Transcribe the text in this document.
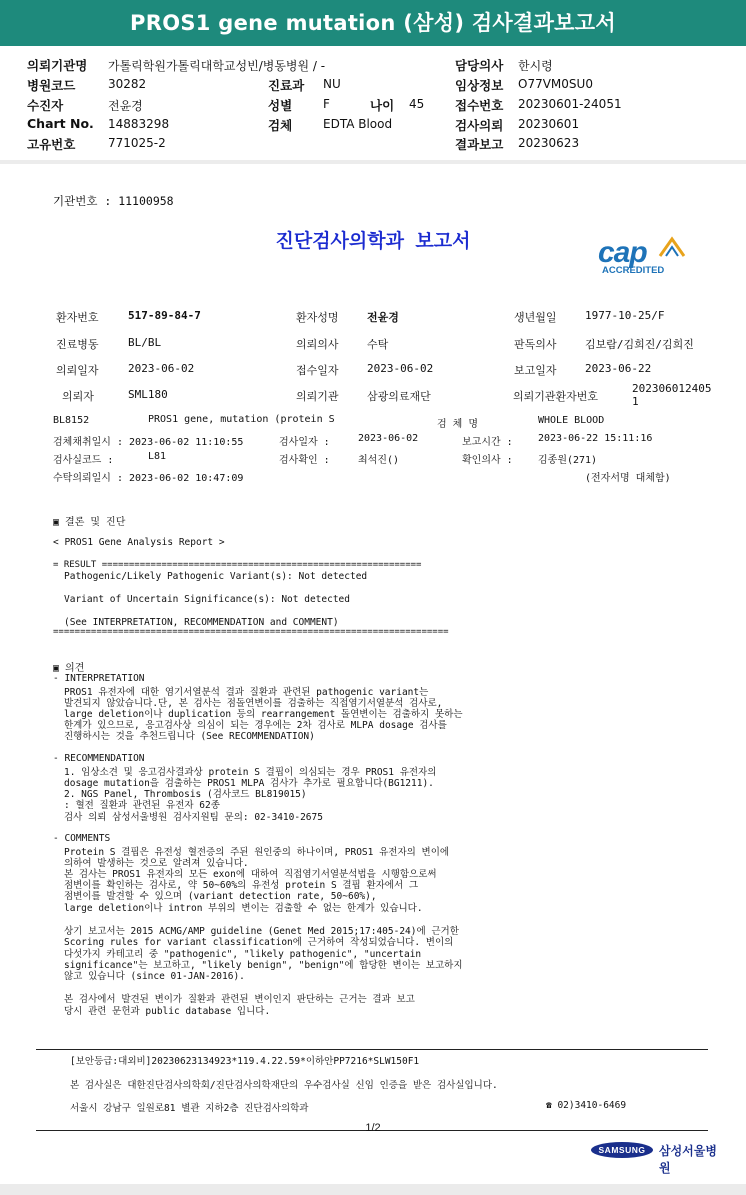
PROS1 gene mutation (삼성) 검사결과보고서
의뢰기관명 가톨릭학원가톨릭대학교성빈/병동병원 / -	담당의사 한시령
병원코드	30282	진료과 NU	임상정보 O77VM0SU0
수진자	전윤경	성별	F	나이 45 접수번호 20230601-24051
Chart No. 14883298	검체	EDTA Blood	검사의뢰 20230601
고유번호	771025-2	결과보고 20230623
기관번호 : 11100958
진단검사의학과 보고서	cap
ACCREDITED
환자번호	517-89-84-7	환자성명	전윤경	생년월일	1977-10-25/F
진료병동	BL/BL	의뢰의사	수탁	판독의사	김보람/김희진/김희진
의뢰일자	2023-06-02	접수일자	2023-06-02	보고일자	2023-06-22
의뢰자	SML180	의뢰기관	삼광의료재단	의뢰기관환자번호
202306012405
1
BL8152	PROS1 gene, mutation (protein S	검 체 명	WHOLE BLOOD
검체채취일시 : 2023-06-02 11:10:55	검사일자 :	2023-06-02	보고시간 :	2023-06-22 15:11:16
검사실코드 :	L81	검사확인 :	최석진()	확인의사 :	김종원(271)
수탁의뢰일시 : 2023-06-02 10:47:09	(전자서명 대체함)
▣ 결론 및 진단
< PROS1 Gene Analysis Report >
= RESULT ===========================================================
Pathogenic/Likely Pathogenic Variant(s): Not detected
Variant of Uncertain Significance(s): Not detected
(See INTERPRETATION, RECOMMENDATION and COMMENT)
=========================================================================
▣ 의견
- INTERPRETATION
PROS1 유전자에 대한 염기서열분석 결과 질환과 관련된 pathogenic variant는
발견되지 않았습니다.단, 본 검사는 점돌연변이를 검출하는 직접염기서열분석 검사로,
large deletion이나 duplication 등의 rearrangement 돌연변이는 검출하지 못하는
한계가 있으므로, 응고검사상 의심이 되는 경우에는 2차 검사로 MLPA dosage 검사를
진행하시는 것을 추천드립니다 (See RECOMMENDATION)
- RECOMMENDATION
1. 임상소견 및 응고검사결과상 protein S 결핍이 의심되는 경우 PROS1 유전자의
dosage mutation을 검출하는 PROS1 MLPA 검사가 추가로 필요합니다(BG1211).
2. NGS Panel, Thrombosis (검사코드 BL819015)
: 혈전 질환과 관련된 유전자 62종
검사 의뢰 삼성서울병원 검사지원팀 문의: 02-3410-2675
- COMMENTS
Protein S 결핍은 유전성 혈전증의 주된 원인중의 하나이며, PROS1 유전자의 변이에
의하여 발생하는 것으로 알려져 있습니다.
본 검사는 PROS1 유전자의 모든 exon에 대하여 직접염기서열분석법을 시행함으로써
점변이를 확인하는 검사로, 약 50~60%의 유전성 protein S 결핍 환자에서 그
점변이를 발견할 수 있으며 (variant detection rate, 50~60%),
large deletion이나 intron 부위의 변이는 검출할 수 없는 한계가 있습니다.
상기 보고서는 2015 ACMG/AMP guideline (Genet Med 2015;17:405-24)에 근거한
Scoring rules for variant classification에 근거하여 작성되었습니다. 변이의
다섯가지 카테고리 중 "pathogenic", "likely pathogenic", "uncertain
significance"는 보고하고, "likely benign", "benign"에 합당한 변이는 보고하지
않고 있습니다 (since 01-JAN-2016).
본 검사에서 발견된 변이가 질환과 관련된 변이인지 판단하는 근거는 결과 보고
당시 관련 문헌과 public database 입니다.
[보안등급:대외비]20230623134923*119.4.22.59*이하안PP7216*SLW150F1
본 검사실은 대한진단검사의학회/진단검사의학재단의 우수검사실 신임 인증을 받은 검사실입니다.
서울시 강남구 일원로81 별관 지하2층 진단검사의학과	☎ 02)3410-6469
1/2
SAMSUNG	삼성서울병원
